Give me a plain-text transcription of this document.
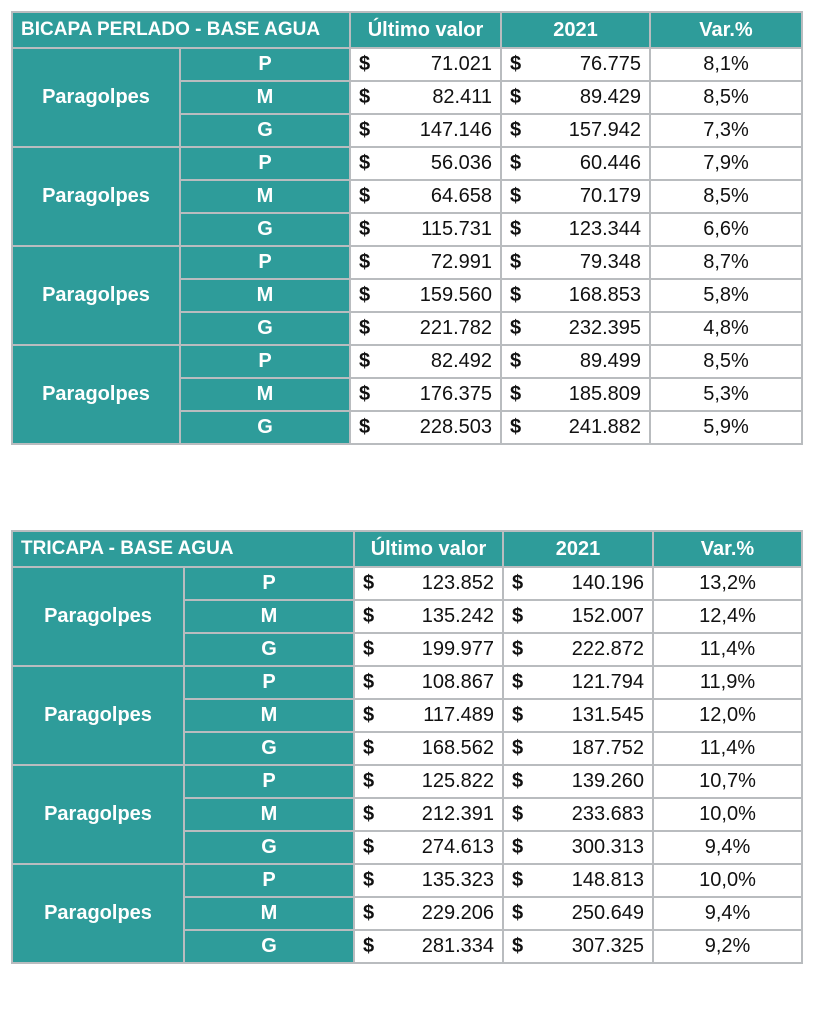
BICAPA PERLADO - BASE AGUA		Último valor	2021	Var.%
Paragolpes	P	$ 71.021	$ 76.775	8,1%
	M	$ 82.411	$ 89.429	8,5%
	G	$ 147.146	$ 157.942	7,3%
Paragolpes	P	$ 56.036	$ 60.446	7,9%
	M	$ 64.658	$ 70.179	8,5%
	G	$ 115.731	$ 123.344	6,6%
Paragolpes	P	$ 72.991	$ 79.348	8,7%
	M	$ 159.560	$ 168.853	5,8%
	G	$ 221.782	$ 232.395	4,8%
Paragolpes	P	$ 82.492	$ 89.499	8,5%
	M	$ 176.375	$ 185.809	5,3%
	G	$ 228.503	$ 241.882	5,9%
TRICAPA - BASE AGUA		Último valor	2021	Var.%
Paragolpes	P	$ 123.852	$ 140.196	13,2%
	M	$ 135.242	$ 152.007	12,4%
	G	$ 199.977	$ 222.872	11,4%
Paragolpes	P	$ 108.867	$ 121.794	11,9%
	M	$ 117.489	$ 131.545	12,0%
	G	$ 168.562	$ 187.752	11,4%
Paragolpes	P	$ 125.822	$ 139.260	10,7%
	M	$ 212.391	$ 233.683	10,0%
	G	$ 274.613	$ 300.313	9,4%
Paragolpes	P	$ 135.323	$ 148.813	10,0%
	M	$ 229.206	$ 250.649	9,4%
	G	$ 281.334	$ 307.325	9,2%
